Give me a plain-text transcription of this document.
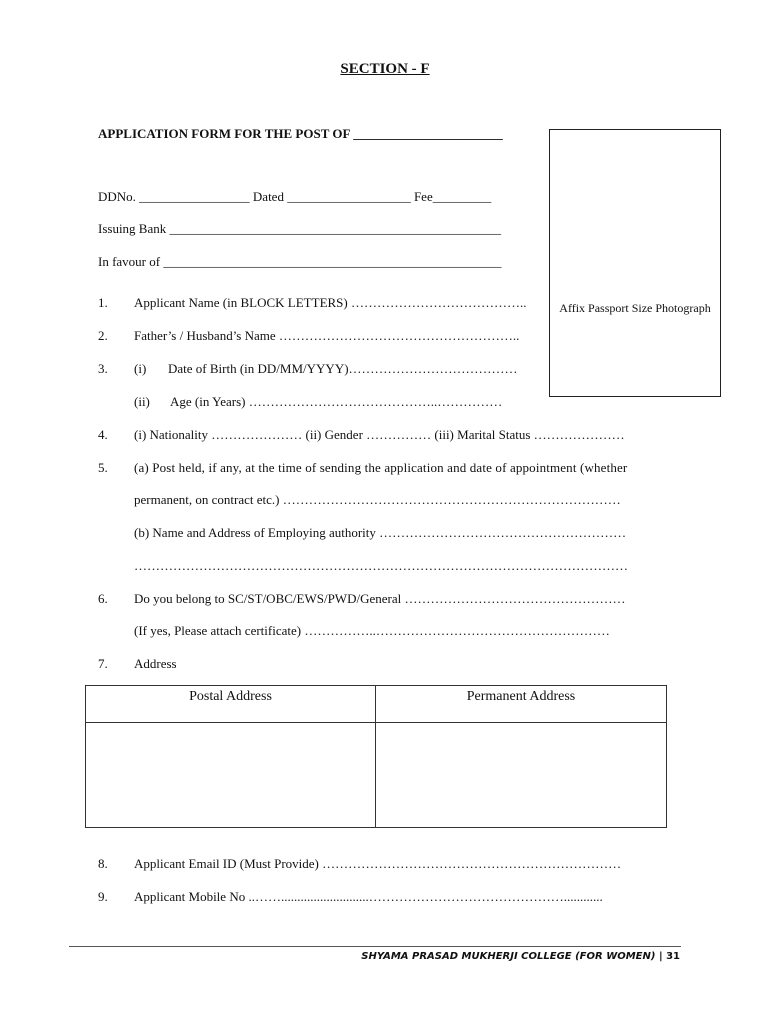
SECTION - F
APPLICATION FORM FOR THE POST OF _______________________
Affix Passport Size Photograph
DDNo. _________________ Dated ___________________ Fee_________
Issuing Bank ___________________________________________________
In favour of ____________________________________________________
1. Applicant Name (in BLOCK LETTERS) …………………………………..
2. Father’s / Husband’s Name ………………………………………………..
3. (i) Date of Birth (in DD/MM/YYYY)…………………………………
(ii) Age (in Years) ……………………………………..……………
4. (i) Nationality ………………… (ii) Gender …………… (iii) Marital Status …………………
5. (a) Post held, if any, at the time of sending the application and date of appointment (whether
permanent, on contract etc.) ……………………………………………………………………
(b) Name and Address of Employing authority …………………………………………………
……………………………………………………………………………………………………
6. Do you belong to SC/ST/OBC/EWS/PWD/General ……………………………………………
(If yes, Please attach certificate) ……………..………………………………………………
7. Address
Postal Address	Permanent Address
8. Applicant Email ID (Must Provide) ……………………………………………………………
9. Applicant Mobile No ..……...........................………………………………………............
SHYAMA PRASAD MUKHERJI COLLEGE (FOR WOMEN) | 31
